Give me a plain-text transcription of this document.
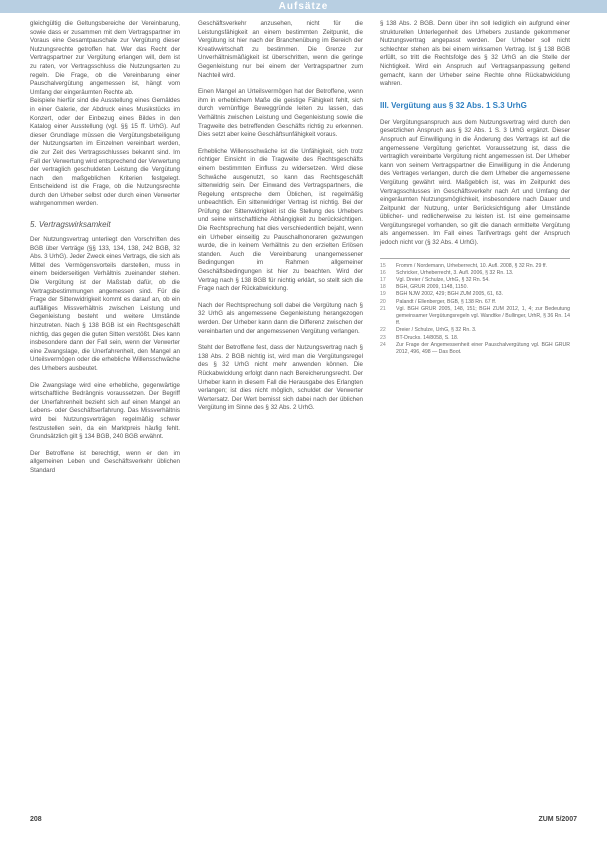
Aufsätze

gleichgültig die Geltungsbereiche der Vereinbarung, sowie dass er zusammen mit dem Vertragspartner im Voraus eine Gesamtpauschale zur Vergütung dieser Nutzungsrechte getroffen hat. Wer das Recht der Vertragspartner zur Vergütung erlangen will, dem ist zu raten, vor Vertragsschluss die Nutzungsarten zu regeln. Die Frage, ob die Vereinbarung einer Pauschalvergütung angemessen ist, hängt vom Umfang der eingeräumten Rechte ab.

Beispiele hierfür sind die Ausstellung eines Gemäldes in einer Galerie, der Abdruck eines Musikstücks im Konzert, oder der Einbezug eines Bildes in den Katalog einer Ausstellung (vgl. §§ 15 ff. UrhG). Auf dieser Grundlage müssen die Vergütungsbeteiligung der Nutzungsarten im Einzelnen vereinbart werden, die zur Zeit des Vertragsschlusses bekannt sind. Im Fall der Verwertung wird entsprechend der Verwertung der vertraglich geschuldeten Leistung die Vergütung nach den maßgeblichen Kriterien festgelegt. Entscheidend ist die Frage, ob die Nutzungsrechte durch den Urheber selbst oder durch einen Verwerter wahrgenommen werden.

5. Vertragswirksamkeit

Der Nutzungsvertrag unterliegt den Vorschriften des BGB über Verträge (§§ 133, 134, 138, 242 BGB, 32 Abs. 3 UrhG). Jeder Zweck eines Vertrags, die sich als Mittel des Vermögensvorteils darstellen, muss in einem beiderseitigen Verhältnis zueinander stehen. Die Vergütung ist der Maßstab dafür, ob die Vertragsbestimmungen angemessen sind. Für die Frage der Sittenwidrigkeit kommt es darauf an, ob ein auffälliges Missverhältnis zwischen Leistung und Gegenleistung besteht und weitere Umstände hinzutreten. Nach § 138 BGB ist ein Rechtsgeschäft nichtig, das gegen die guten Sitten verstößt. Dies kann insbesondere dann der Fall sein, wenn der Verwerter eine Zwangslage, die Unerfahrenheit, den Mangel an Urteilsvermögen oder die erhebliche Willensschwäche des Urhebers ausbeutet.

Die Zwangslage wird eine erhebliche, gegenwärtige wirtschaftliche Bedrängnis voraussetzen. Der Begriff der Unerfahrenheit bezieht sich auf einen Mangel an Lebens- oder Geschäftserfahrung. Das Missverhältnis wird bei Nutzungsverträgen regelmäßig schwer festzustellen sein, da ein Marktpreis häufig fehlt. Grundsätzlich gilt § 134 BGB, 240 BGB erwähnt.

Der Betroffene ist berechtigt, wenn er den im allgemeinen Leben und Geschäftsverkehr üblichen Standard

Geschäftsverkehr anzusehen, nicht für die Leistungsfähigkeit an einem bestimmten Zeitpunkt, die Vergütung ist hier nach der Branchenübung im Bereich der Kreativwirtschaft zu bestimmen. Die Grenze zur Unverhältnismäßigkeit ist überschritten, wenn die geringe Gegenleistung nur bei einem der Vertragspartner zum Nachteil wird.

Einen Mangel an Urteilsvermögen hat der Betroffene, wenn ihm in erheblichem Maße die geistige Fähigkeit fehlt, sich durch vernünftige Beweggründe leiten zu lassen, das Verhältnis zwischen Leistung und Gegenleistung sowie die Tragweite des betreffenden Geschäfts richtig zu erkennen. Dies setzt aber keine Geschäftsunfähigkeit voraus.

Erhebliche Willensschwäche ist die Unfähigkeit, sich trotz richtiger Einsicht in die Tragweite des Rechtsgeschäfts einem bestimmten Einfluss zu widersetzen. Wird diese Schwäche ausgenutzt, so kann das Rechtsgeschäft sittenwidrig sein. Der Einwand des Vertragspartners, die Regelung entspreche dem Üblichen, ist regelmäßig unbeachtlich. Ein sittenwidriger Vertrag ist nichtig. Bei der Prüfung der Sittenwidrigkeit ist die Stellung des Urhebers und seine wirtschaftliche Abhängigkeit zu berücksichtigen. Die Rechtsprechung hat dies verschiedentlich bejaht, wenn ein Urheber einseitig zu Pauschalhonoraren gezwungen wurde, die in keinem Verhältnis zu den erzielten Erlösen standen. Auch die Vereinbarung unangemessener Bedingungen im Rahmen allgemeiner Geschäftsbedingungen ist hier zu beachten. Wird der Vertrag nach § 138 BGB für nichtig erklärt, so stellt sich die Frage nach der Rückabwicklung.

Nach der Rechtsprechung soll dabei die Vergütung nach § 32 UrhG als angemessene Gegenleistung herangezogen werden. Der Urheber kann dann die Differenz zwischen der vereinbarten und der angemessenen Vergütung verlangen.

Steht der Betroffene fest, dass der Nutzungsvertrag nach § 138 Abs. 2 BGB nichtig ist, wird man die Vergütungsregel des § 32 UrhG nicht mehr anwenden können. Die Rückabwicklung erfolgt dann nach Bereicherungsrecht. Der Urheber kann in diesem Fall die Herausgabe des Erlangten verlangen; ist dies nicht möglich, schuldet der Verwerter Wertersatz. Der Wert bemisst sich dabei nach der üblichen Vergütung im Sinne des § 32 Abs. 2 UrhG.

§ 138 Abs. 2 BGB. Denn über ihn soll lediglich ein aufgrund einer strukturellen Unterlegenheit des Urhebers zustande gekommener Nutzungsvertrag angepasst werden. Der Urheber soll nicht schlechter stehen als bei einem wirksamen Vertrag. Ist § 138 BGB erfüllt, so tritt die Rechtsfolge des § 32 UrhG an die Stelle der Nichtigkeit. Wird ein Anspruch auf Vertragsanpassung geltend gemacht, kann der Urheber seine Rechte ohne Rückabwicklung wahren.

III. Vergütung aus § 32 Abs. 1 S.3 UrhG

Der Vergütungsanspruch aus dem Nutzungsvertrag wird durch den gesetzlichen Anspruch aus § 32 Abs. 1 S. 3 UrhG ergänzt. Dieser Anspruch auf Einwilligung in die Änderung des Vertrags ist auf die angemessene Vergütung gerichtet. Voraussetzung ist, dass die vertraglich vereinbarte Vergütung nicht angemessen ist. Der Urheber kann von seinem Vertragspartner die Einwilligung in die Änderung des Vertrages verlangen, durch die dem Urheber die angemessene Vergütung gewährt wird. Maßgeblich ist, was im Zeitpunkt des Vertragsschlusses im Geschäftsverkehr nach Art und Umfang der eingeräumten Nutzungsmöglichkeit, insbesondere nach Dauer und Zeitpunkt der Nutzung, unter Berücksichtigung aller Umstände üblicher- und redlicherweise zu leisten ist. Ist eine gemeinsame Vergütungsregel vorhanden, so gilt die danach ermittelte Vergütung als angemessen. Im Fall eines Tarifvertrags geht der Anspruch jedoch nicht vor (§ 32 Abs. 4 UrhG).

15	Fromm / Nordemann, Urheberrecht, 10. Aufl. 2008, § 32 Rn. 29 ff.
16	Schricker, Urheberrecht, 3. Aufl. 2006, § 32 Rn. 13.
17	Vgl. Dreier / Schulze, UrhG, § 32 Rn. 54.
18	BGH, GRUR 2009, 1148, 1150.
19	BGH NJW 2002, 429; BGH ZUM 2005, 61, 63.
20	Palandt / Ellenberger, BGB, § 138 Rn. 67 ff.
21	Vgl. BGH GRUR 2005, 148, 151; BGH ZUM 2012, 1, 4; zur Bedeutung gemeinsamer Vergütungsregeln vgl. Wandtke / Bullinger, UrhR, § 36 Rn. 14 ff.
22	Dreier / Schulze, UrhG, § 32 Rn. 3.
23	BT-Drucks. 14/8058, S. 18.
24	Zur Frage der Angemessenheit einer Pauschalvergütung vgl. BGH GRUR 2012, 496, 498 — Das Boot.
208	ZUM 5/2007
